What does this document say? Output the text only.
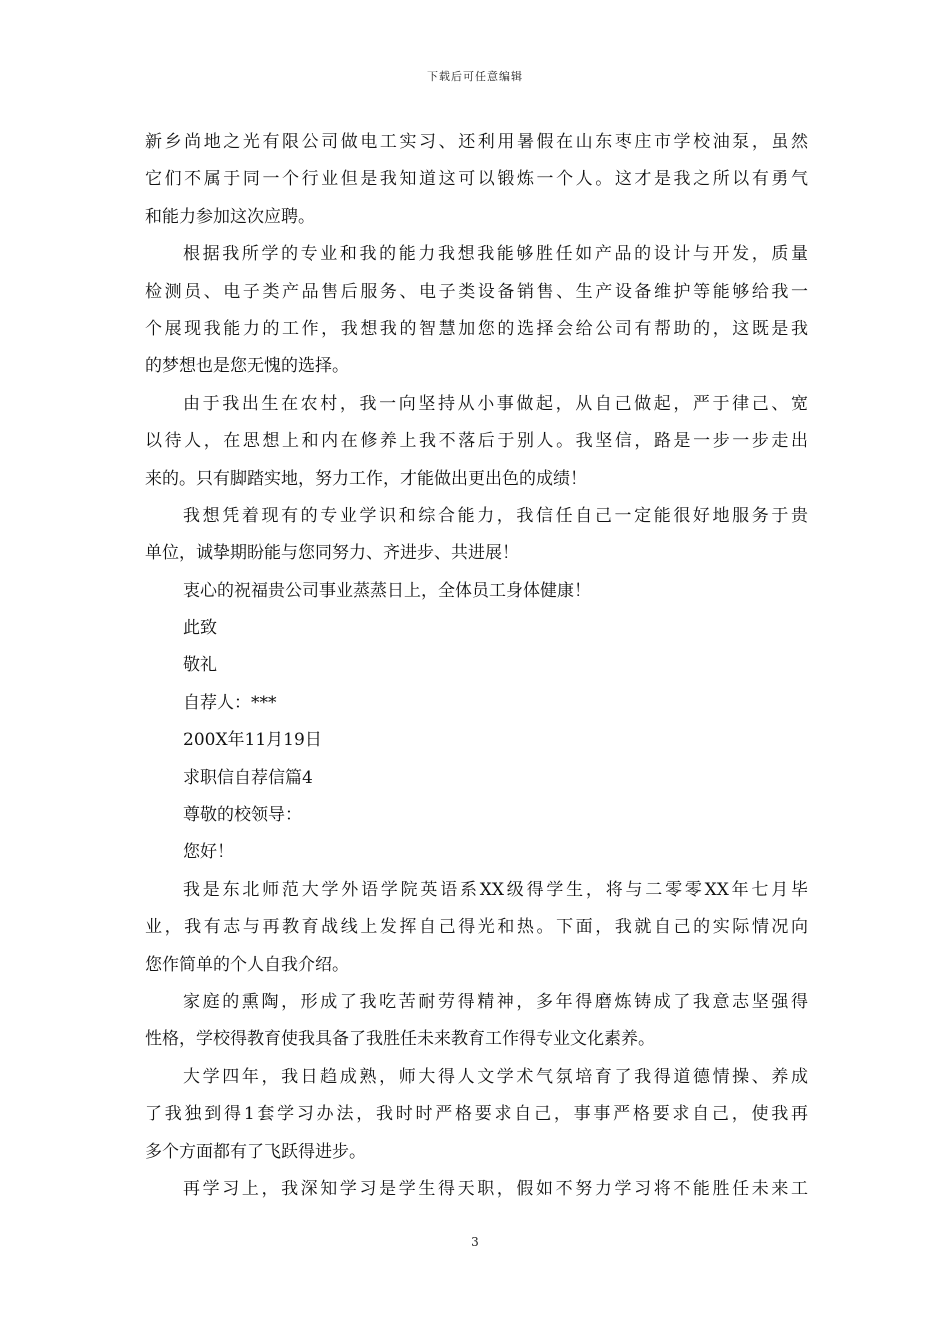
下载后可任意编辑
新乡尚地之光有限公司做电工实习、还利用暑假在山东枣庄市学校油泵，虽然
它们不属于同一个行业但是我知道这可以锻炼一个人。这才是我之所以有勇气
和能力参加这次应聘。
根据我所学的专业和我的能力我想我能够胜任如产品的设计与开发，质量
检测员、电子类产品售后服务、电子类设备销售、生产设备维护等能够给我一
个展现我能力的工作，我想我的智慧加您的选择会给公司有帮助的，这既是我
的梦想也是您无愧的选择。
由于我出生在农村，我一向坚持从小事做起，从自己做起，严于律己、宽
以待人，在思想上和内在修养上我不落后于别人。我坚信，路是一步一步走出
来的。只有脚踏实地，努力工作，才能做出更出色的成绩！
我想凭着现有的专业学识和综合能力，我信任自己一定能很好地服务于贵
单位，诚挚期盼能与您同努力、齐进步、共进展！
衷心的祝福贵公司事业蒸蒸日上，全体员工身体健康！
此致
敬礼
自荐人：***
200X年11月19日
求职信自荐信篇4
尊敬的校领导：
您好！
我是东北师范大学外语学院英语系XX级得学生，将与二零零XX年七月毕
业，我有志与再教育战线上发挥自己得光和热。下面，我就自己的实际情况向
您作简单的个人自我介绍。
家庭的熏陶，形成了我吃苦耐劳得精神，多年得磨炼铸成了我意志坚强得
性格，学校得教育使我具备了我胜任未来教育工作得专业文化素养。
大学四年，我日趋成熟，师大得人文学术气氛培育了我得道德情操、养成
了我独到得1套学习办法，我时时严格要求自己，事事严格要求自己，使我再
多个方面都有了飞跃得进步。
再学习上，我深知学习是学生得天职，假如不努力学习将不能胜任未来工
3
